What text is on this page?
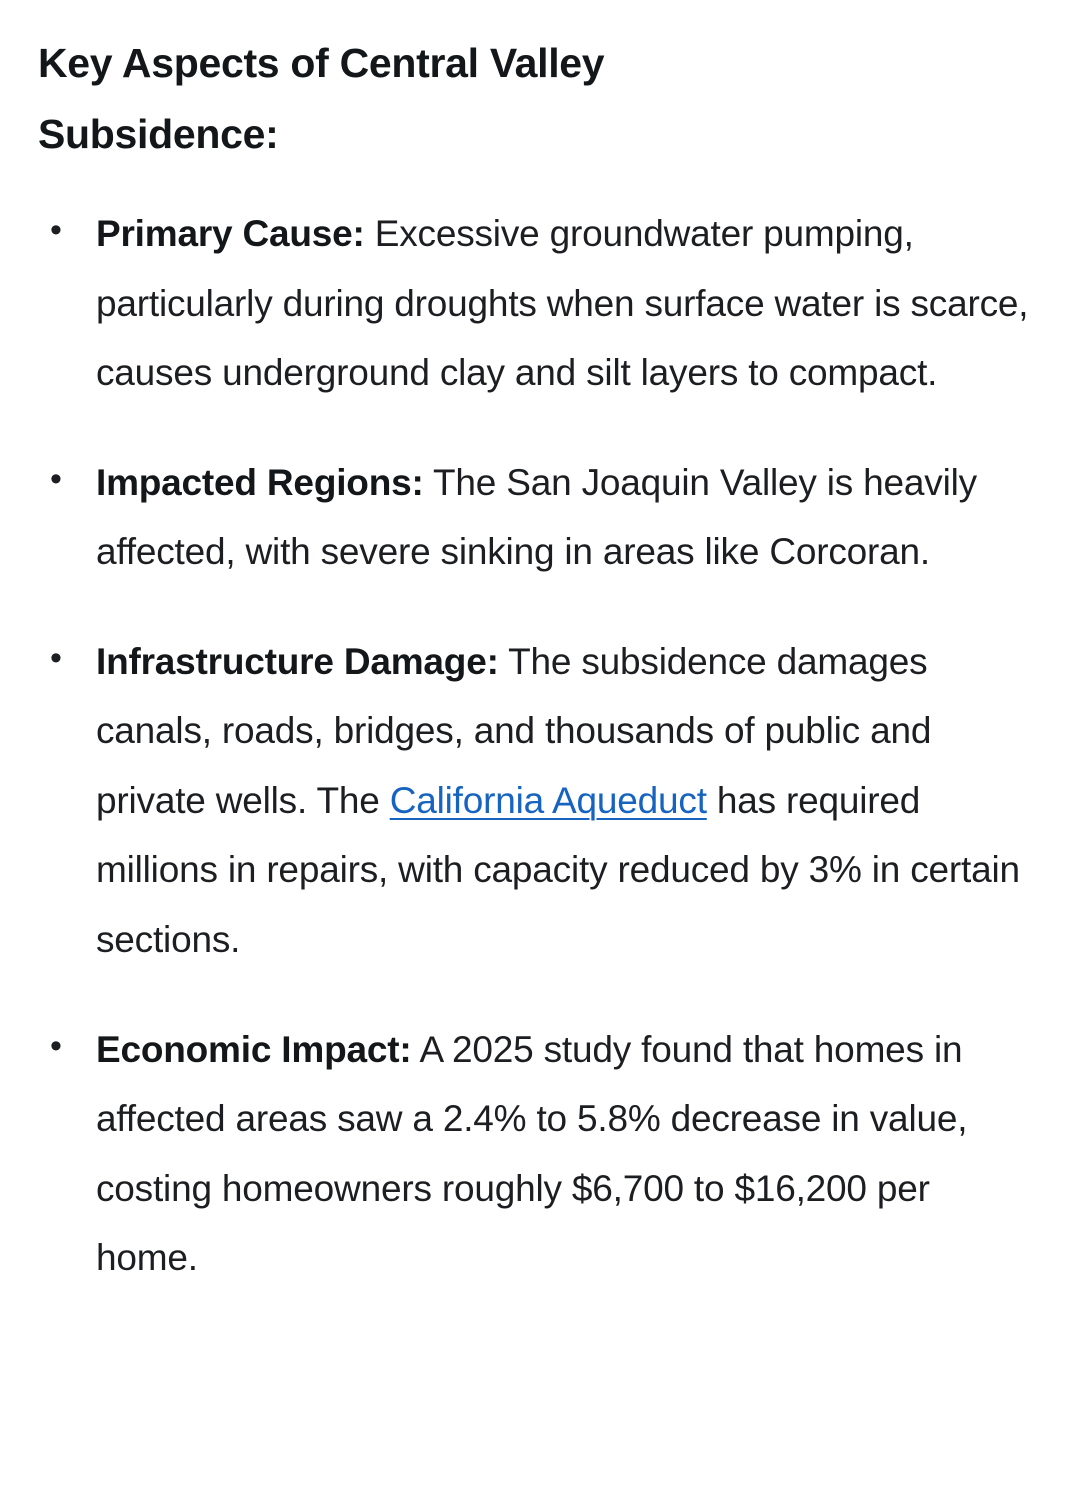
Key Aspects of Central Valley Subsidence:
• Primary Cause: Excessive groundwater pumping, particularly during droughts when surface water is scarce, causes underground clay and silt layers to compact.
• Impacted Regions: The San Joaquin Valley is heavily affected, with severe sinking in areas like Corcoran.
• Infrastructure Damage: The subsidence damages canals, roads, bridges, and thousands of public and private wells. The California Aqueduct has required millions in repairs, with capacity reduced by 3% in certain sections.
• Economic Impact: A 2025 study found that homes in affected areas saw a 2.4% to 5.8% decrease in value, costing homeowners roughly $6,700 to $16,200 per home.
